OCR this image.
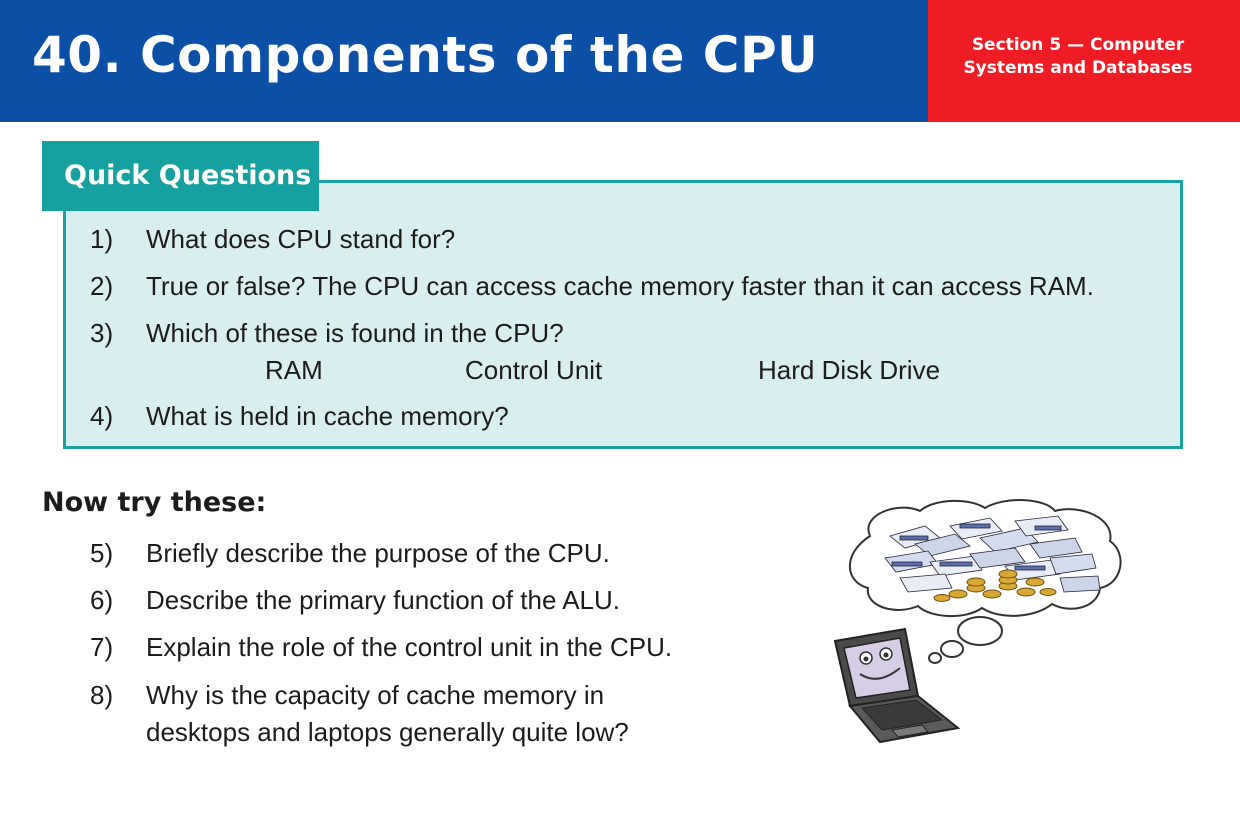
40. Components of the CPU	Section 5 — Computer
Systems and Databases
Quick Questions
1) What does CPU stand for?
2) True or false? The CPU can access cache memory faster than it can access RAM.
3) Which of these is found in the CPU?
RAM	Control Unit	Hard Disk Drive
4) What is held in cache memory?
Now try these:
5) Briefly describe the purpose of the CPU.
6) Describe the primary function of the ALU.
7) Explain the role of the control unit in the CPU.
8) Why is the capacity of cache memory in
desktops and laptops generally quite low?
